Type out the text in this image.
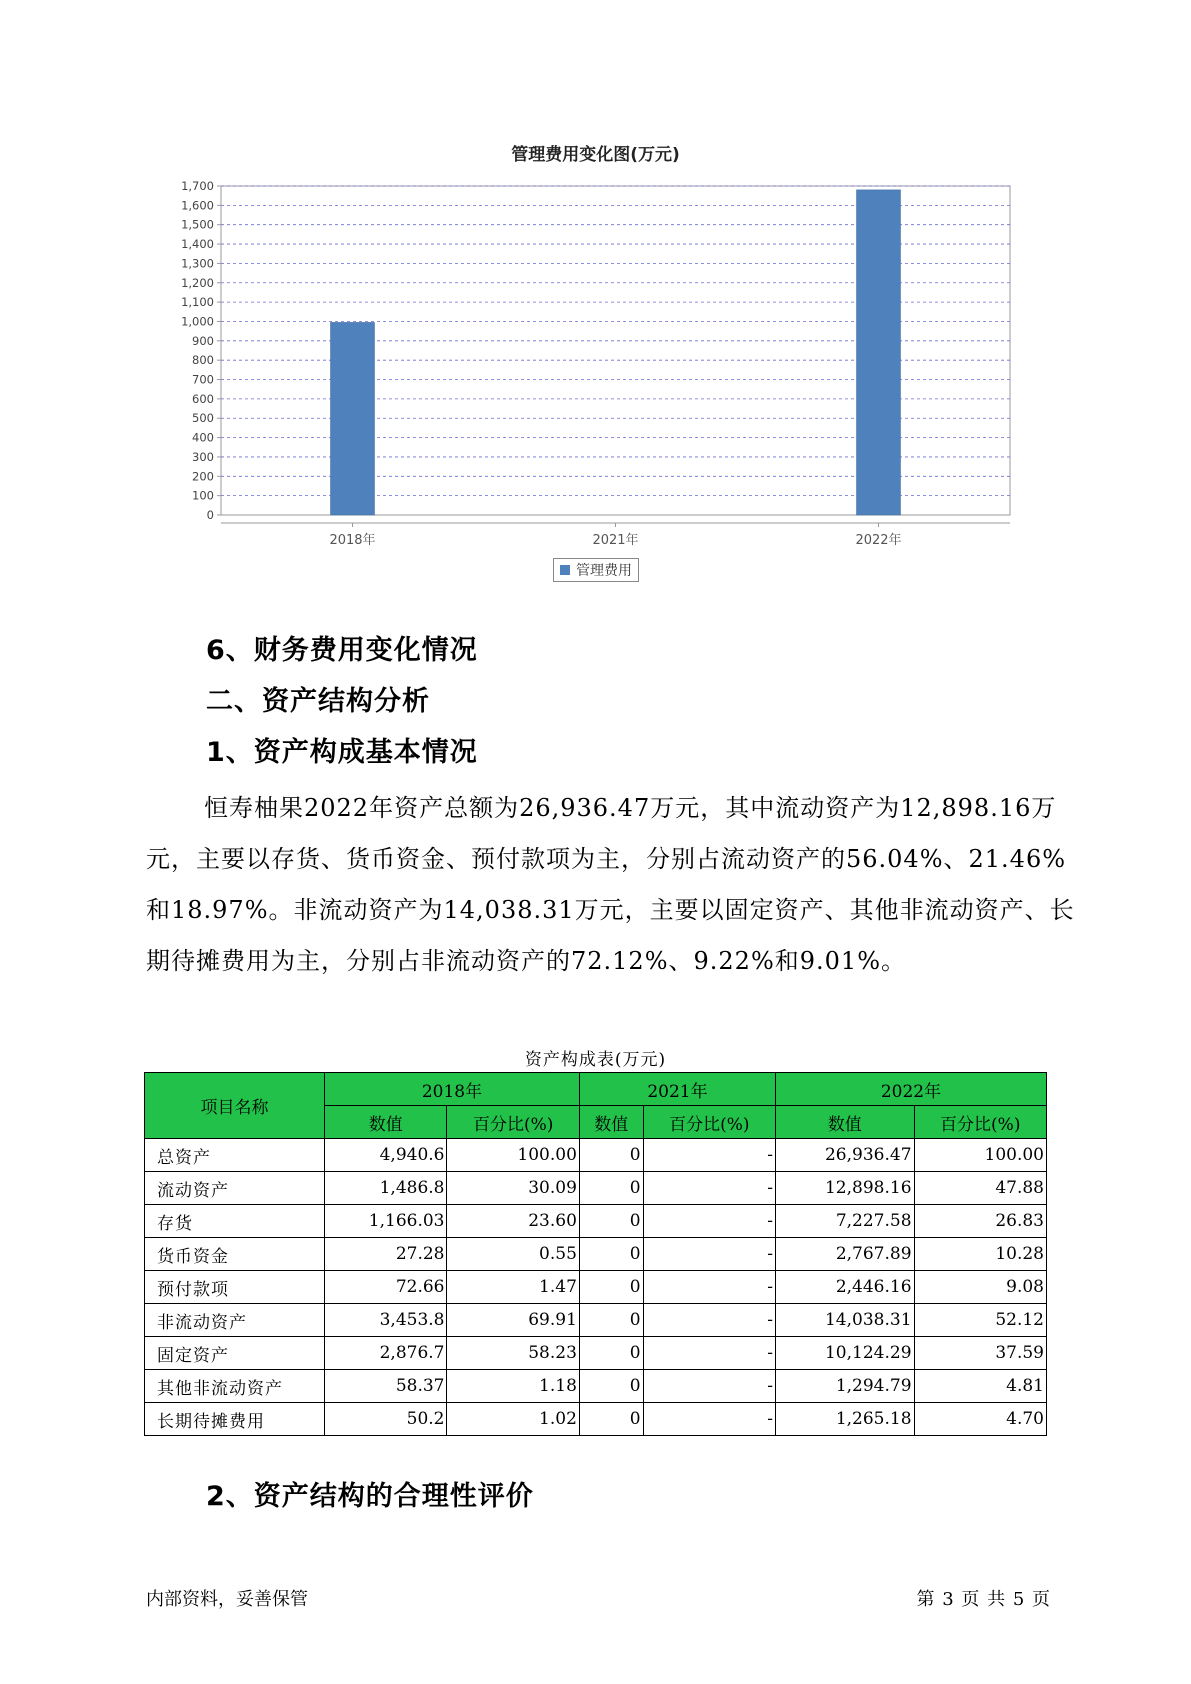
管理费用变化图(万元)
0
100
200
300
400
500
600
700
800
900
1,000
1,100
1,200
1,300
1,400
1,500
1,600
1,700
2018年	2021年	2022年
管理费用
6、财务费用变化情况
二、资产结构分析
1、资产构成基本情况
恒寿柚果2022年资产总额为26,936.47万元，其中流动资产为12,898.16万元，主要以存货、货币资金、预付款项为主，分别占流动资产的56.04%、21.46%和18.97%。非流动资产为14,038.31万元，主要以固定资产、其他非流动资产、长期待摊费用为主，分别占非流动资产的72.12%、9.22%和9.01%。
资产构成表(万元)
项目名称	2018年		2021年		2022年	
	数值	百分比(%)	数值	百分比(%)	数值	百分比(%)
总资产	4,940.6	100.00	0	-	26,936.47	100.00
流动资产	1,486.8	30.09	0	-	12,898.16	47.88
存货	1,166.03	23.60	0	-	7,227.58	26.83
货币资金	27.28	0.55	0	-	2,767.89	10.28
预付款项	72.66	1.47	0	-	2,446.16	9.08
非流动资产	3,453.8	69.91	0	-	14,038.31	52.12
固定资产	2,876.7	58.23	0	-	10,124.29	37.59
其他非流动资产	58.37	1.18	0	-	1,294.79	4.81
长期待摊费用	50.2	1.02	0	-	1,265.18	4.70
2、资产结构的合理性评价
内部资料，妥善保管	第 3 页 共 5 页
